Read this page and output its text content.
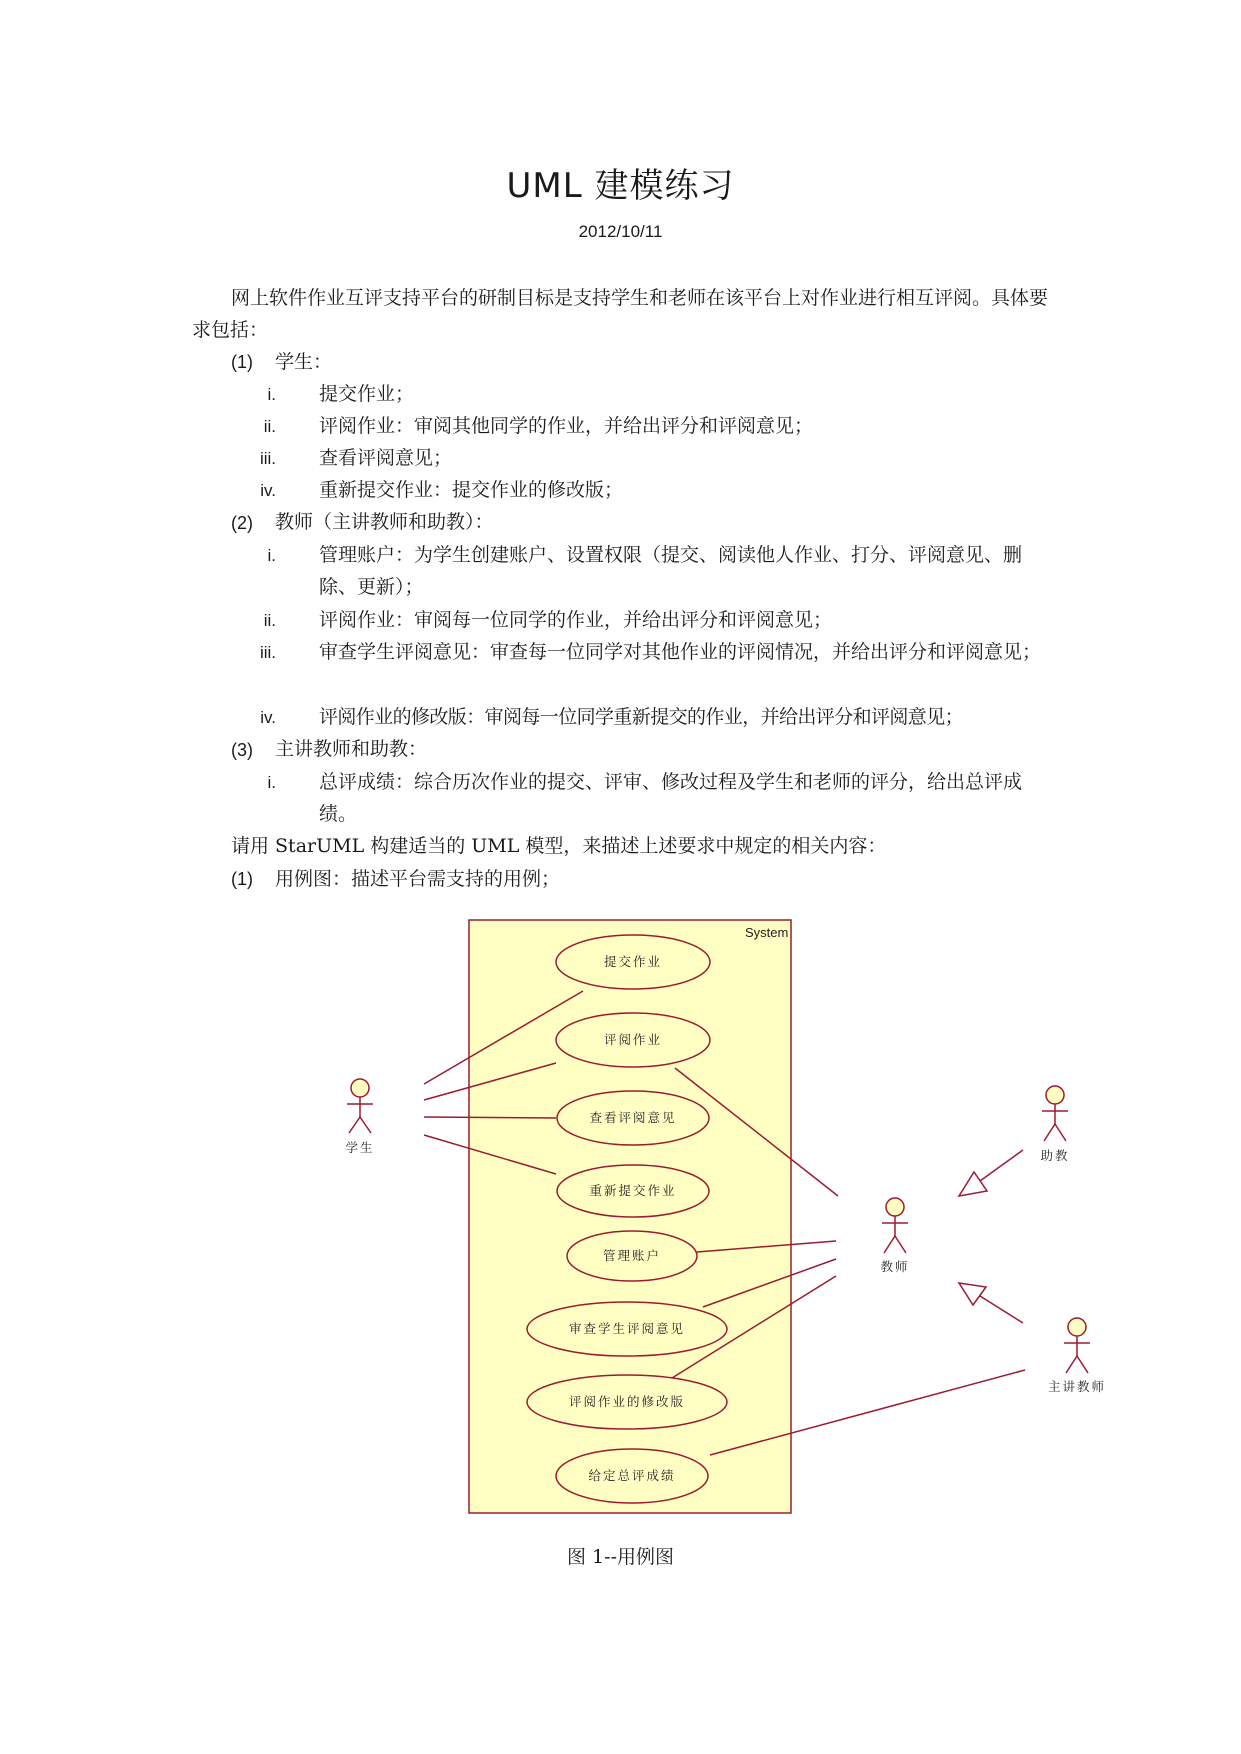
UML 建模练习
2012/10/11
网上软件作业互评支持平台的研制目标是支持学生和老师在该平台上对作业进行相互评阅。具体要求包括：
(1) 学生：
i. 提交作业；
ii. 评阅作业：审阅其他同学的作业，并给出评分和评阅意见；
iii. 查看评阅意见；
iv. 重新提交作业：提交作业的修改版；
(2) 教师（主讲教师和助教）：
i. 管理账户：为学生创建账户、设置权限（提交、阅读他人作业、打分、评阅意见、删除、更新）；
ii. 评阅作业：审阅每一位同学的作业，并给出评分和评阅意见；
iii. 审查学生评阅意见：审查每一位同学对其他作业的评阅情况，并给出评分和评阅意见；
iv. 评阅作业的修改版：审阅每一位同学重新提交的作业，并给出评分和评阅意见；
(3) 主讲教师和助教：
i. 总评成绩：综合历次作业的提交、评审、修改过程及学生和老师的评分，给出总评成绩。
请用 StarUML 构建适当的 UML 模型，来描述上述要求中规定的相关内容：
(1) 用例图：描述平台需支持的用例；
System
提交作业
评阅作业
查看评阅意见
重新提交作业
管理账户
审查学生评阅意见
评阅作业的修改版
给定总评成绩
学生
教师
助教
主讲教师
图 1--用例图
